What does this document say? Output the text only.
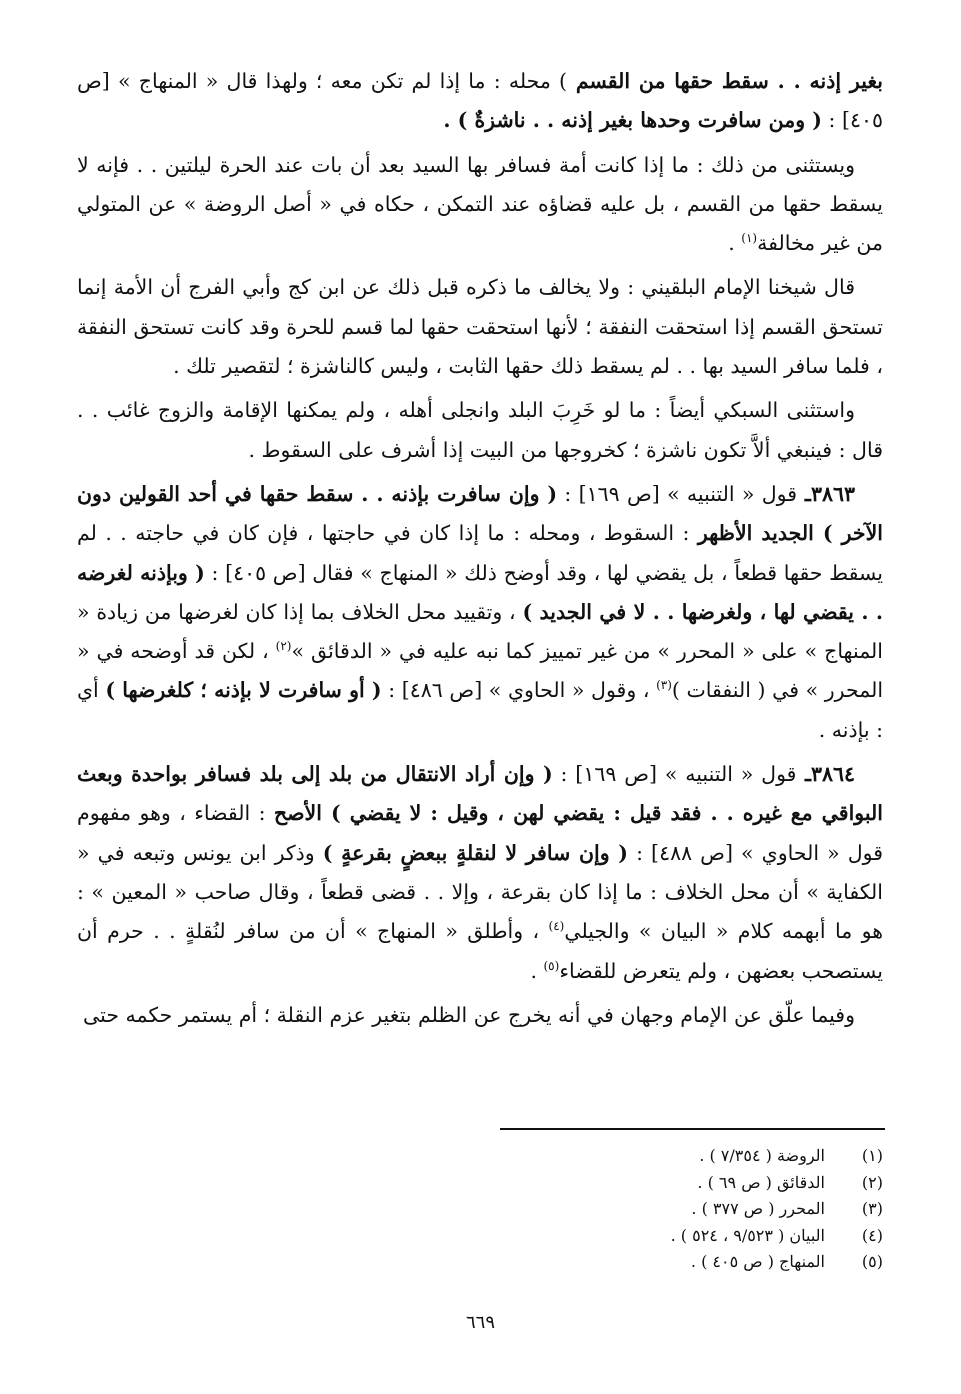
بغير إذنه . . سقط حقها من القسم ) محله : ما إذا لم تكن معه ؛ ولهذا قال « المنهاج » [ص ٤٠٥] : ( ومن سافرت وحدها بغير إذنه . . ناشزةٌ ) .

ويستثنى من ذلك : ما إذا كانت أمة فسافر بها السيد بعد أن بات عند الحرة ليلتين . . فإنه لا يسقط حقها من القسم ، بل عليه قضاؤه عند التمكن ، حكاه في « أصل الروضة » عن المتولي من غير مخالفة$^{(١)}$ .

قال شيخنا الإمام البلقيني : ولا يخالف ما ذكره قبل ذلك عن ابن كج وأبي الفرج أن الأمة إنما تستحق القسم إذا استحقت النفقة ؛ لأنها استحقت حقها لما قسم للحرة وقد كانت تستحق النفقة ، فلما سافر السيد بها . . لم يسقط ذلك حقها الثابت ، وليس كالناشزة ؛ لتقصير تلك .

واستثنى السبكي أيضاً : ما لو خَرِبَ البلد وانجلى أهله ، ولم يمكنها الإقامة والزوج غائب . . قال : فينبغي ألاَّ تكون ناشزة ؛ كخروجها من البيت إذا أشرف على السقوط .

٣٨٦٣ـ قول « التنبيه » [ص ١٦٩] : ( وإن سافرت بإذنه . . سقط حقها في أحد القولين دون الآخر ) الجديد الأظهر : السقوط ، ومحله : ما إذا كان في حاجتها ، فإن كان في حاجته . . لم يسقط حقها قطعاً ، بل يقضي لها ، وقد أوضح ذلك « المنهاج » فقال [ص ٤٠٥] : ( وبإذنه لغرضه . . يقضي لها ، ولغرضها . . لا في الجديد ) ، وتقييد محل الخلاف بما إذا كان لغرضها من زيادة « المنهاج » على « المحرر » من غير تمييز كما نبه عليه في « الدقائق »$^{(٢)}$ ، لكن قد أوضحه في « المحرر » في ( النفقات )$^{(٣)}$ ، وقول « الحاوي » [ص ٤٨٦] : ( أو سافرت لا بإذنه ؛ كلغرضها ) أي : بإذنه .

٣٨٦٤ـ قول « التنبيه » [ص ١٦٩] : ( وإن أراد الانتقال من بلد إلى بلد فسافر بواحدة وبعث البواقي مع غيره . . فقد قيل : يقضي لهن ، وقيل : لا يقضي ) الأصح : القضاء ، وهو مفهوم قول « الحاوي » [ص ٤٨٨] : ( وإن سافر لا لنقلةٍ ببعضٍ بقرعةٍ ) وذكر ابن يونس وتبعه في « الكفاية » أن محل الخلاف : ما إذا كان بقرعة ، وإلا . . قضى قطعاً ، وقال صاحب « المعين » : هو ما أبهمه كلام « البيان » والجيلي$^{(٤)}$ ، وأطلق « المنهاج » أن من سافر لنُقلةٍ . . حرم أن يستصحب بعضهن ، ولم يتعرض للقضاء$^{(٥)}$ .

وفيما علّق عن الإمام وجهان في أنه يخرج عن الظلم بتغير عزم النقلة ؛ أم يستمر حكمه حتى

(١)
الروضة ( ٧/٣٥٤ ) .
(٢)
الدقائق ( ص ٦٩ ) .
(٣)
المحرر ( ص ٣٧٧ ) .
(٤)
البيان ( ٩/٥٢٣ ، ٥٢٤ ) .
(٥)
المنهاج ( ص ٤٠٥ ) .
٦٦٩
